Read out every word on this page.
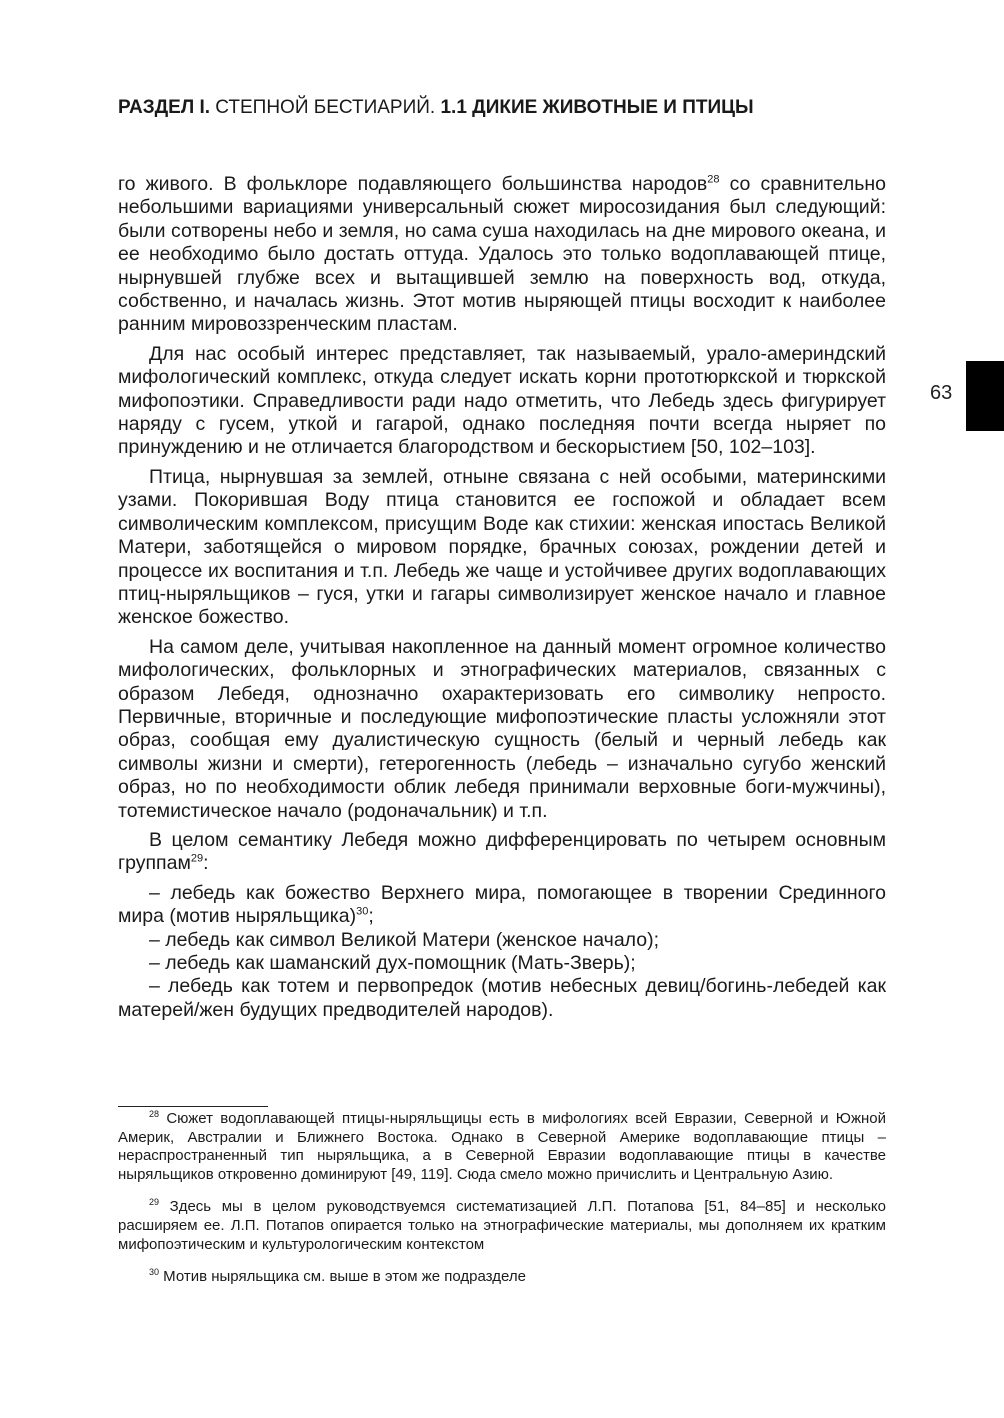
РАЗДЕЛ I. СТЕПНОЙ БЕСТИАРИЙ. 1.1 ДИКИЕ ЖИВОТНЫЕ И ПТИЦЫ
63

го живого. В фольклоре подавляющего большинства народов$^{28}$ со сравнительно небольшими вариациями универсальный сюжет миросозидания был следующий: были сотворены небо и земля, но сама суша находилась на дне мирового океана, и ее необходимо было достать оттуда. Удалось это только водоплавающей птице, нырнувшей глубже всех и вытащившей землю на поверхность вод, откуда, собственно, и началась жизнь. Этот мотив ныряющей птицы восходит к наиболее ранним мировоззренческим пластам.

Для нас особый интерес представляет, так называемый, урало-америндский мифологический комплекс, откуда следует искать корни прототюркской и тюркской мифопоэтики. Справедливости ради надо отметить, что Лебедь здесь фигурирует наряду с гусем, уткой и гагарой, однако последняя почти всегда ныряет по принуждению и не отличается благородством и бескорыстием [50, 102–103].

Птица, нырнувшая за землей, отныне связана с ней особыми, материнскими узами. Покорившая Воду птица становится ее госпожой и обладает всем символическим комплексом, присущим Воде как стихии: женская ипостась Великой Матери, заботящейся о мировом порядке, брачных союзах, рождении детей и процессе их воспитания и т.п. Лебедь же чаще и устойчивее других водоплавающих птиц-ныряльщиков – гуся, утки и гагары символизирует женское начало и главное женское божество.

На самом деле, учитывая накопленное на данный момент огромное количество мифологических, фольклорных и этнографических материалов, связанных с образом Лебедя, однозначно охарактеризовать его символику непросто. Первичные, вторичные и последующие мифопоэтические пласты усложняли этот образ, сообщая ему дуалистическую сущность (белый и черный лебедь как символы жизни и смерти), гетерогенность (лебедь – изначально сугубо женский образ, но по необходимости облик лебедя принимали верховные боги-мужчины), тотемистическое начало (родоначальник) и т.п.

В целом семантику Лебедя можно дифференцировать по четырем основным группам$^{29}$:

– лебедь как божество Верхнего мира, помогающее в творении Срединного мира (мотив ныряльщика)$^{30}$;

– лебедь как символ Великой Матери (женское начало);

– лебедь как шаманский дух-помощник (Мать-Зверь);

– лебедь как тотем и первопредок (мотив небесных девиц/богинь-лебедей как матерей/жен будущих предводителей народов).

$^{28}$ Сюжет водоплавающей птицы-ныряльщицы есть в мифологиях всей Евразии, Северной и Южной Америк, Австралии и Ближнего Востока. Однако в Северной Америке водоплавающие птицы – нераспространенный тип ныряльщика, а в Северной Евразии водоплавающие птицы в качестве ныряльщиков откровенно доминируют [49, 119]. Сюда смело можно причислить и Центральную Азию.

$^{29}$ Здесь мы в целом руководствуемся систематизацией Л.П. Потапова [51, 84–85] и несколько расширяем ее. Л.П. Потапов опирается только на этнографические материалы, мы дополняем их кратким мифопоэтическим и культурологическим контекстом

$^{30}$ Мотив ныряльщика см. выше в этом же подразделе
